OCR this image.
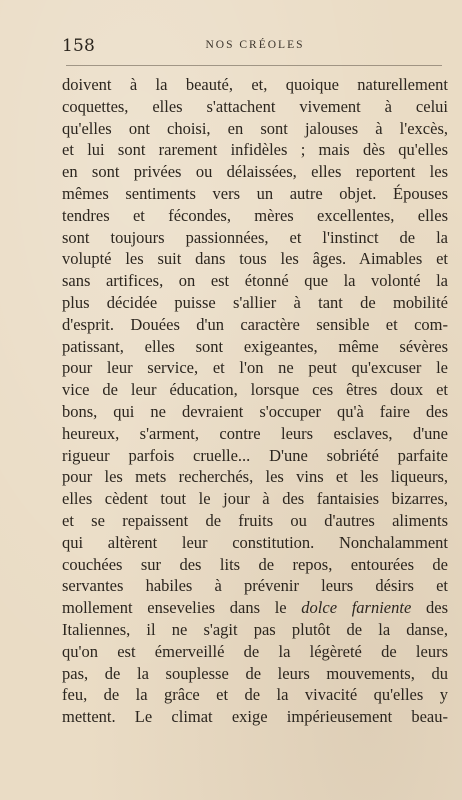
158	NOS CRÉOLES
doivent à la beauté, et, quoique naturellement
coquettes, elles s'attachent vivement à celui
qu'elles ont choisi, en sont jalouses à l'excès,
et lui sont rarement infidèles ; mais dès qu'elles
en sont privées ou délaissées, elles reportent les
mêmes sentiments vers un autre objet. Épouses
tendres et fécondes, mères excellentes, elles
sont toujours passionnées, et l'instinct de la
volupté les suit dans tous les âges. Aimables et
sans artifices, on est étonné que la volonté la
plus décidée puisse s'allier à tant de mobilité
d'esprit. Douées d'un caractère sensible et com-
patissant, elles sont exigeantes, même sévères
pour leur service, et l'on ne peut qu'excuser le
vice de leur éducation, lorsque ces êtres doux et
bons, qui ne devraient s'occuper qu'à faire des
heureux, s'arment, contre leurs esclaves, d'une
rigueur parfois cruelle... D'une sobriété parfaite
pour les mets recherchés, les vins et les liqueurs,
elles cèdent tout le jour à des fantaisies bizarres,
et se repaissent de fruits ou d'autres aliments
qui altèrent leur constitution. Nonchalamment
couchées sur des lits de repos, entourées de
servantes habiles à prévenir leurs désirs et
mollement ensevelies dans le dolce farniente des
Italiennes, il ne s'agit pas plutôt de la danse,
qu'on est émerveillé de la légèreté de leurs
pas, de la souplesse de leurs mouvements, du
feu, de la grâce et de la vivacité qu'elles y
mettent. Le climat exige impérieusement beau-
